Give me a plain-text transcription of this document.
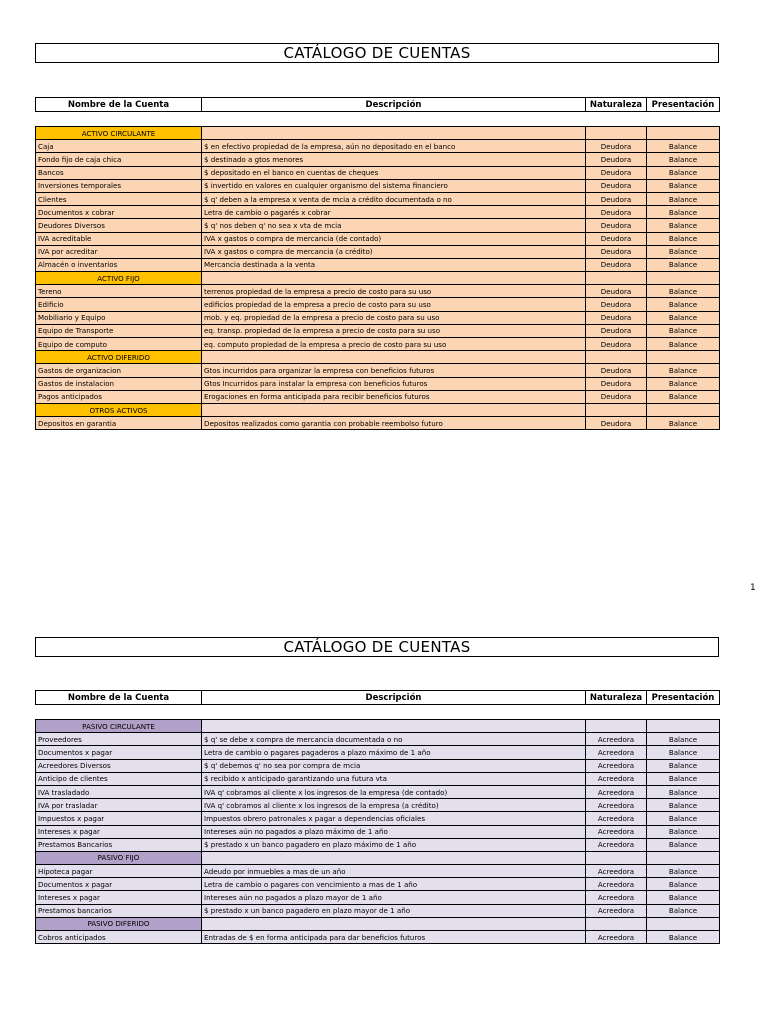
CATÁLOGO DE CUENTAS
Nombre de la Cuenta	Descripción	Naturaleza	Presentación
ACTIVO CIRCULANTE			
Caja	$ en efectivo propiedad de la empresa, aún no depositado en el banco	Deudora	Balance
Fondo fijo de caja chica	$ destinado a gtos menores	Deudora	Balance
Bancos	$ depositado en el banco en cuentas de cheques	Deudora	Balance
Inversiones temporales	$ invertido en valores en cualquier organismo del sistema financiero	Deudora	Balance
Clientes	$ q' deben a la empresa x venta de mcia a crédito documentada o no	Deudora	Balance
Documentos x cobrar	Letra de cambio o pagarés x cobrar	Deudora	Balance
Deudores Diversos	$ q' nos deben q' no sea x vta de mcia	Deudora	Balance
IVA acreditable	IVA x gastos o compra de mercancia (de contado)	Deudora	Balance
IVA por acreditar	IVA x gastos o compra de mercancia (a crédito)	Deudora	Balance
Almacén o inventarios	Mercancia destinada a la venta	Deudora	Balance
ACTIVO FIJO			
Tereno	terrenos propiedad de la empresa a precio de costo para su uso	Deudora	Balance
Edificio	edificios propiedad de la empresa a precio de costo para su uso	Deudora	Balance
Mobiliario y Equipo	mob. y eq. propiedad de la empresa a precio de costo para su uso	Deudora	Balance
Equipo de Transporte	eq. transp. propiedad de la empresa a precio de costo para su uso	Deudora	Balance
Equipo de computo	eq. computo propiedad de la empresa a precio de costo para su uso	Deudora	Balance
ACTIVO DIFERIDO			
Gastos de organizacion	Gtos incurridos para organizar la empresa con beneficios futuros	Deudora	Balance
Gastos de instalacion	Gtos Incurridos para instalar la empresa con beneficios futuros	Deudora	Balance
Pagos anticipados	Erogaciones en forma anticipada para recibir beneficios futuros	Deudora	Balance
OTROS ACTIVOS			
Depositos en garantia	Depositos realizados como garantia con probable reembolso futuro	Deudora	Balance
1
CATÁLOGO DE CUENTAS
Nombre de la Cuenta	Descripción	Naturaleza	Presentación
PASIVO CIRCULANTE			
Proveedores	$ q' se debe x compra de mercancia documentada o no	Acreedora	Balance
Documentos x pagar	Letra de cambio o pagares pagaderos a plazo máximo de 1 año	Acreedora	Balance
Acreedores Diversos	$ q' debemos q' no sea por compra de mcia	Acreedora	Balance
Anticipo de clientes	$ recibido x anticipado garantizando una futura vta	Acreedora	Balance
IVA trasladado	IVA q' cobramos al cliente x los ingresos de la empresa (de contado)	Acreedora	Balance
IVA por trasladar	IVA q' cobramos al cliente x los ingresos de la empresa (a crédito)	Acreedora	Balance
Impuestos x pagar	Impuestos obrero patronales x pagar a dependencias oficiales	Acreedora	Balance
Intereses x pagar	Intereses aún no pagados a plazo máximo de 1 año	Acreedora	Balance
Prestamos Bancarios	$ prestado x un banco pagadero en plazo máximo de 1 año	Acreedora	Balance
PASIVO FIJO			
Hipoteca pagar	Adeudo por inmuebles a mas de un año	Acreedora	Balance
Documentos x pagar	Letra de cambio o pagares con vencimiento a mas de 1 año	Acreedora	Balance
Intereses x pagar	Intereses aún no pagados a plazo mayor de 1 año	Acreedora	Balance
Prestamos bancarios	$ prestado x un banco pagadero en plazo mayor de 1 año	Acreedora	Balance
PASIVO DIFERIDO			
Cobros anticipados	Entradas de $ en forma anticipada para dar beneficios futuros	Acreedora	Balance
